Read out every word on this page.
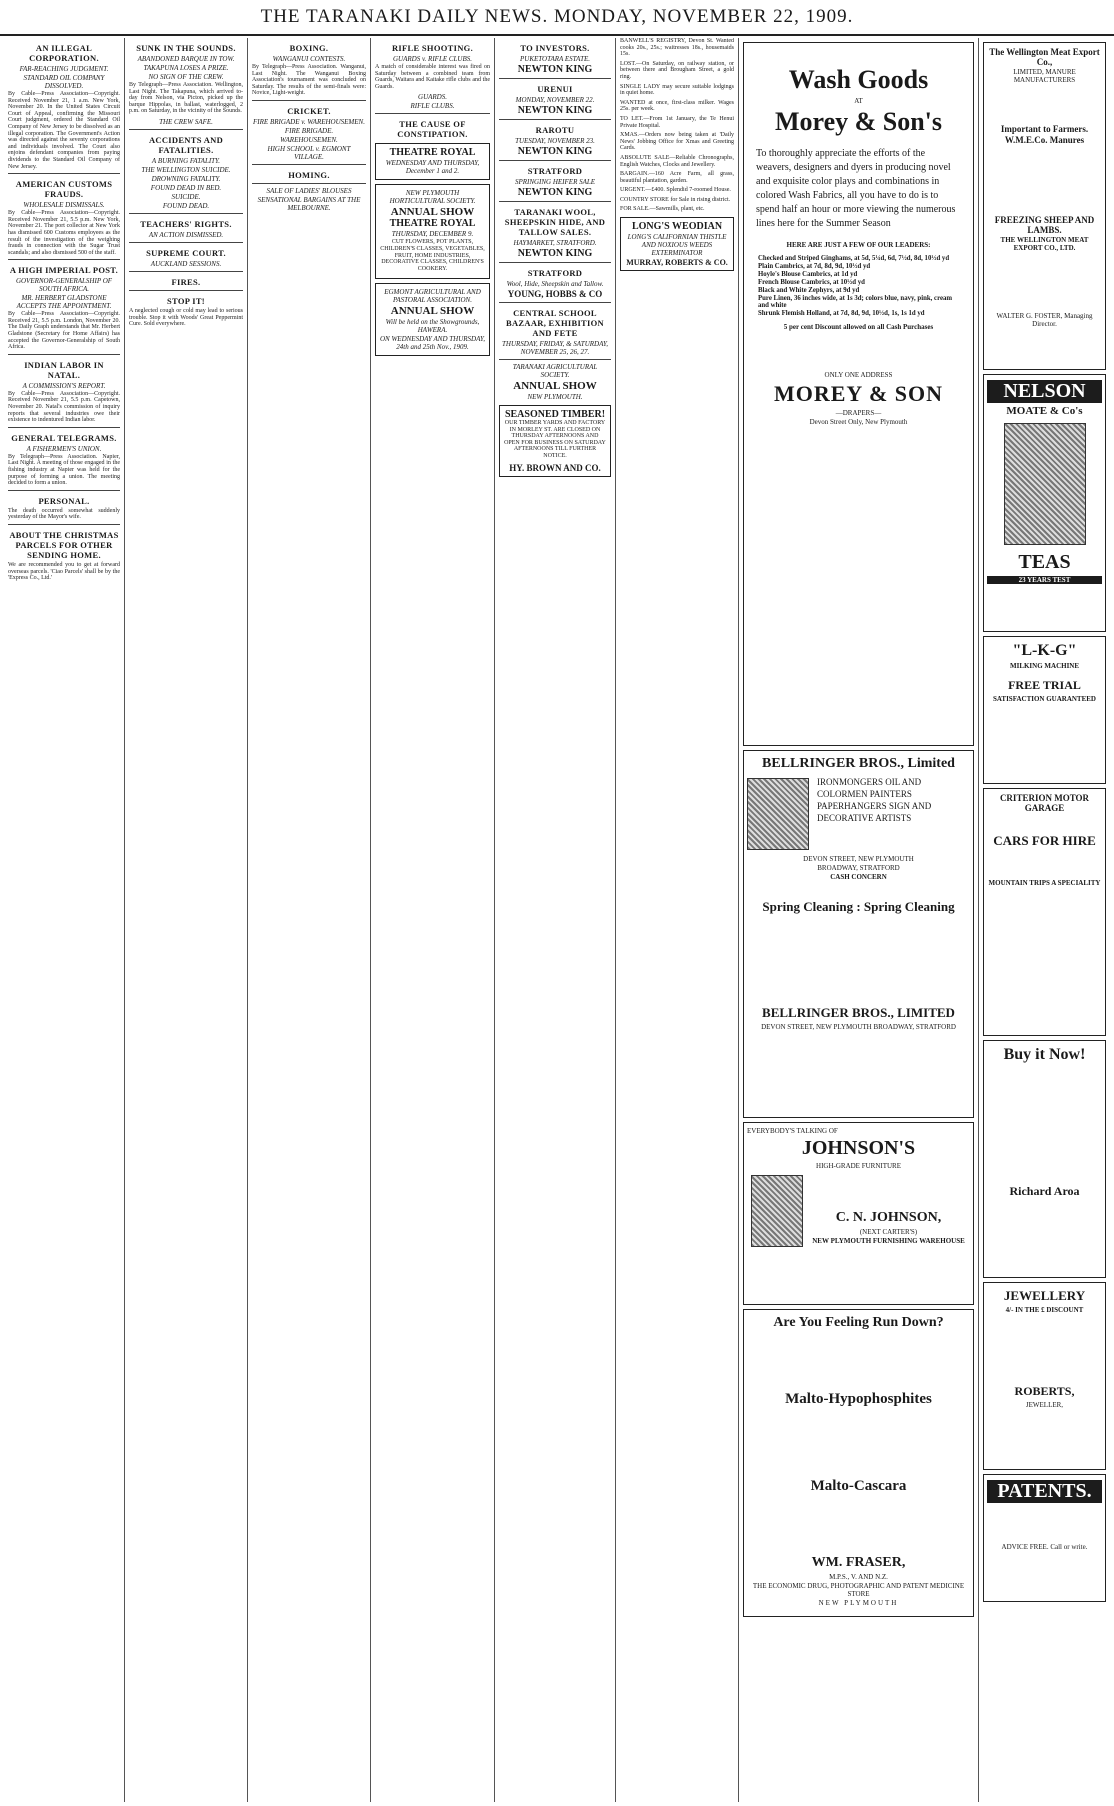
THE TARANAKI DAILY NEWS. MONDAY, NOVEMBER 22, 1909.
AN ILLEGAL CORPORATION.
FAR-REACHING JUDGMENT.
STANDARD OIL COMPANY DISSOLVED.

By Cable—Press Association—Copyright. Received November 21, 1 a.m. New York, November 20. In the United States Circuit Court of Appeal, confirming the Missouri Court judgment, ordered the Standard Oil Company of New Jersey to be dissolved as an illegal corporation. The Government's Action was directed against the seventy corporations and individuals involved. The Court also enjoins defendant companies from paying dividends to the Standard Oil Company of New Jersey.

AMERICAN CUSTOMS FRAUDS.
WHOLESALE DISMISSALS.

By Cable—Press Association—Copyright. Received November 21, 5.5 p.m. New York, November 21. The port collector at New York has dismissed 600 Customs employees as the result of the investigation of the weighing frauds in connection with the Sugar Trust scandals; and also dismissed 500 of the staff.

A HIGH IMPERIAL POST.
GOVERNOR-GENERALSHIP OF SOUTH AFRICA.
MR. HERBERT GLADSTONE ACCEPTS THE APPOINTMENT.

By Cable—Press Association—Copyright. Received 21, 5.5 p.m. London, November 20. The Daily Graph understands that Mr. Herbert Gladstone (Secretary for Home Affairs) has accepted the Governor-Generalship of South Africa.

INDIAN LABOR IN NATAL.
A COMMISSION'S REPORT.

By Cable—Press Association—Copyright. Received November 21, 5.5 p.m. Capetown, November 20. Natal's commission of inquiry reports that several industries owe their existence to indentured Indian labor.

GENERAL TELEGRAMS.
A FISHERMEN'S UNION.

By Telegraph—Press Association. Napier, Last Night. A meeting of those engaged in the fishing industry at Napier was held for the purpose of forming a union. The meeting decided to form a union.

PERSONAL.

The death occurred somewhat suddenly yesterday of the Mayor's wife.

ABOUT THE CHRISTMAS PARCELS FOR OTHER SENDING HOME.

We are recommended you to get at forward overseas parcels. 'Ciao Parcels' shall be by the 'Express Co., Ltd.'

SUNK IN THE SOUNDS.
ABANDONED BARQUE IN TOW.
TAKAPUNA LOSES A PRIZE.
NO SIGN OF THE CREW.

By Telegraph—Press Association. Wellington, Last Night. The Takapuna, which arrived to-day from Nelson, via Picton, picked up the barque Hippolas, in ballast, waterlogged, 2 p.m. on Saturday, in the vicinity of the Sounds.

THE CREW SAFE.
ACCIDENTS AND FATALITIES.
A BURNING FATALITY.
THE WELLINGTON SUICIDE.
DROWNING FATALITY.
FOUND DEAD IN BED.
SUICIDE.
FOUND DEAD.
TEACHERS' RIGHTS.
AN ACTION DISMISSED.
SUPREME COURT.
AUCKLAND SESSIONS.
FIRES.
STOP IT!

A neglected cough or cold may lead to serious trouble. Stop it with Woods' Great Peppermint Cure. Sold everywhere.

BOXING.
WANGANUI CONTESTS.

By Telegraph—Press Association. Wanganui, Last Night. The Wanganui Boxing Association's tournament was concluded on Saturday. The results of the semi-finals were: Novice, Light-weight.

CRICKET.
FIRE BRIGADE v. WAREHOUSEMEN.
FIRE BRIGADE.
WAREHOUSEMEN.
HIGH SCHOOL v. EGMONT VILLAGE.
HOMING.
SALE OF LADIES' BLOUSES
SENSATIONAL BARGAINS AT THE MELBOURNE.
RIFLE SHOOTING.
GUARDS v. RIFLE CLUBS.

A match of considerable interest was fired on Saturday between a combined team from Guards, Waitara and Kaitake rifle clubs and the Guards.

GUARDS.
RIFLE CLUBS.
THE CAUSE OF CONSTIPATION.
THEATRE ROYAL
WEDNESDAY AND THURSDAY, December 1 and 2.
NEW PLYMOUTH HORTICULTURAL SOCIETY.
ANNUAL SHOW
THEATRE ROYAL
THURSDAY, DECEMBER 9.

CUT FLOWERS, POT PLANTS, CHILDREN'S CLASSES, VEGETABLES, FRUIT, HOME INDUSTRIES, DECORATIVE CLASSES, CHILDREN'S COOKERY.

EGMONT AGRICULTURAL AND PASTORAL ASSOCIATION.
ANNUAL SHOW
Will be held on the Showgrounds, HAWERA.
ON WEDNESDAY AND THURSDAY, 24th and 25th Nov., 1909.
TO INVESTORS.
PUKETOTARA ESTATE.
NEWTON KING
URENUI
MONDAY, NOVEMBER 22.
NEWTON KING
RAROTU
TUESDAY, NOVEMBER 23.
NEWTON KING
STRATFORD
SPRINGING HEIFER SALE
NEWTON KING
TARANAKI WOOL, SHEEPSKIN HIDE, AND TALLOW SALES.
HAYMARKET, STRATFORD.
NEWTON KING
STRATFORD
Wool, Hide, Sheepskin and Tallow.
YOUNG, HOBBS & CO
CENTRAL SCHOOL BAZAAR, EXHIBITION AND FETE
THURSDAY, FRIDAY, & SATURDAY, NOVEMBER 25, 26, 27.
TARANAKI AGRICULTURAL SOCIETY.
ANNUAL SHOW
NEW PLYMOUTH.
SEASONED TIMBER!

OUR TIMBER YARDS AND FACTORY IN MORLEY ST. ARE CLOSED ON THURSDAY AFTERNOONS AND OPEN FOR BUSINESS ON SATURDAY AFTERNOONS TILL FURTHER NOTICE.

HY. BROWN AND CO.

BANWELL'S REGISTRY, Devon St. Wanted cooks 20s., 25s.; waitresses 18s., housemaids 15s.

LOST.—On Saturday, on railway station, or between there and Brougham Street, a gold ring.

SINGLE LADY may secure suitable lodgings in quiet home.

WANTED at once, first-class milker. Wages 25s. per week.

TO LET.—From 1st January, the Te Henui Private Hospital.

XMAS.—Orders now being taken at 'Daily News' Jobbing Office for Xmas and Greeting Cards.

ABSOLUTE SALE—Reliable Chronographs, English Watches, Clocks and Jewellery.

BARGAIN.—160 Acre Farm, all grass, beautiful plantation, garden.

URGENT.—£400. Splendid 7-roomed House.

COUNTRY STORE for Sale in rising district.

FOR SALE.—Sawmills, plant, etc.

LONG'S WEODIAN
LONG'S CALIFORNIAN THISTLE AND NOXIOUS WEEDS EXTERMINATOR
MURRAY, ROBERTS & CO.
Wash Goods
AT
Morey & Son's

To thoroughly appreciate the efforts of the weavers, designers and dyers in producing novel and exquisite color plays and combinations in colored Wash Fabrics, all you have to do is to spend half an hour or more viewing the numerous lines here for the Summer Season

HERE ARE JUST A FEW OF OUR LEADERS:
Checked and Striped Ginghams, at 5d, 5¼d, 6d, 7½d, 8d, 10½d yd
Plain Cambrics, at 7d, 8d, 9d, 10½d yd
Hoyle's Blouse Cambrics, at 1d yd
French Blouse Cambrics, at 10½d yd
Black and White Zephyrs, at 9d yd
Pure Linen, 36 inches wide, at 1s 3d; colors blue, navy, pink, cream and white
Shrunk Flemish Holland, at 7d, 8d, 9d, 10½d, 1s, 1s 1d yd
5 per cent Discount allowed on all Cash Purchases
ONLY ONE ADDRESS
MOREY & SON
—DRAPERS—
Devon Street Only, New Plymouth
BELLRINGER BROS., Limited

IRONMONGERS OIL AND COLORMEN PAINTERS PAPERHANGERS SIGN AND DECORATIVE ARTISTS

DEVON STREET, NEW PLYMOUTH
BROADWAY, STRATFORD
CASH CONCERN
Spring Cleaning : Spring Cleaning
BELLRINGER BROS., LIMITED
DEVON STREET, NEW PLYMOUTH BROADWAY, STRATFORD
EVERYBODY'S TALKING OF
JOHNSON'S
HIGH-GRADE FURNITURE
C. N. JOHNSON,
(NEXT CARTER'S)
NEW PLYMOUTH FURNISHING WAREHOUSE
Are You Feeling Run Down?
Malto-Hypophosphites
Malto-Cascara
WM. FRASER,
M.P.S., V. AND N.Z.
THE ECONOMIC DRUG, PHOTOGRAPHIC AND PATENT MEDICINE STORE
NEW PLYMOUTH
The Wellington Meat Export Co.,
LIMITED, MANURE MANUFACTURERS
Important to Farmers.
W.M.E.Co. Manures
FREEZING SHEEP AND LAMBS.
THE WELLINGTON MEAT EXPORT CO., LTD.
WALTER G. FOSTER, Managing Director.
NELSON
MOATE & Co's
TEAS
23 YEARS TEST
"L-K-G"
MILKING MACHINE
FREE TRIAL
SATISFACTION GUARANTEED
CRITERION MOTOR GARAGE
CARS FOR HIRE
MOUNTAIN TRIPS A SPECIALITY
Buy it Now!
Richard Aroa
JEWELLERY
4/- IN THE £ DISCOUNT
ROBERTS,
JEWELLER,
PATENTS.
ADVICE FREE. Call or write.
